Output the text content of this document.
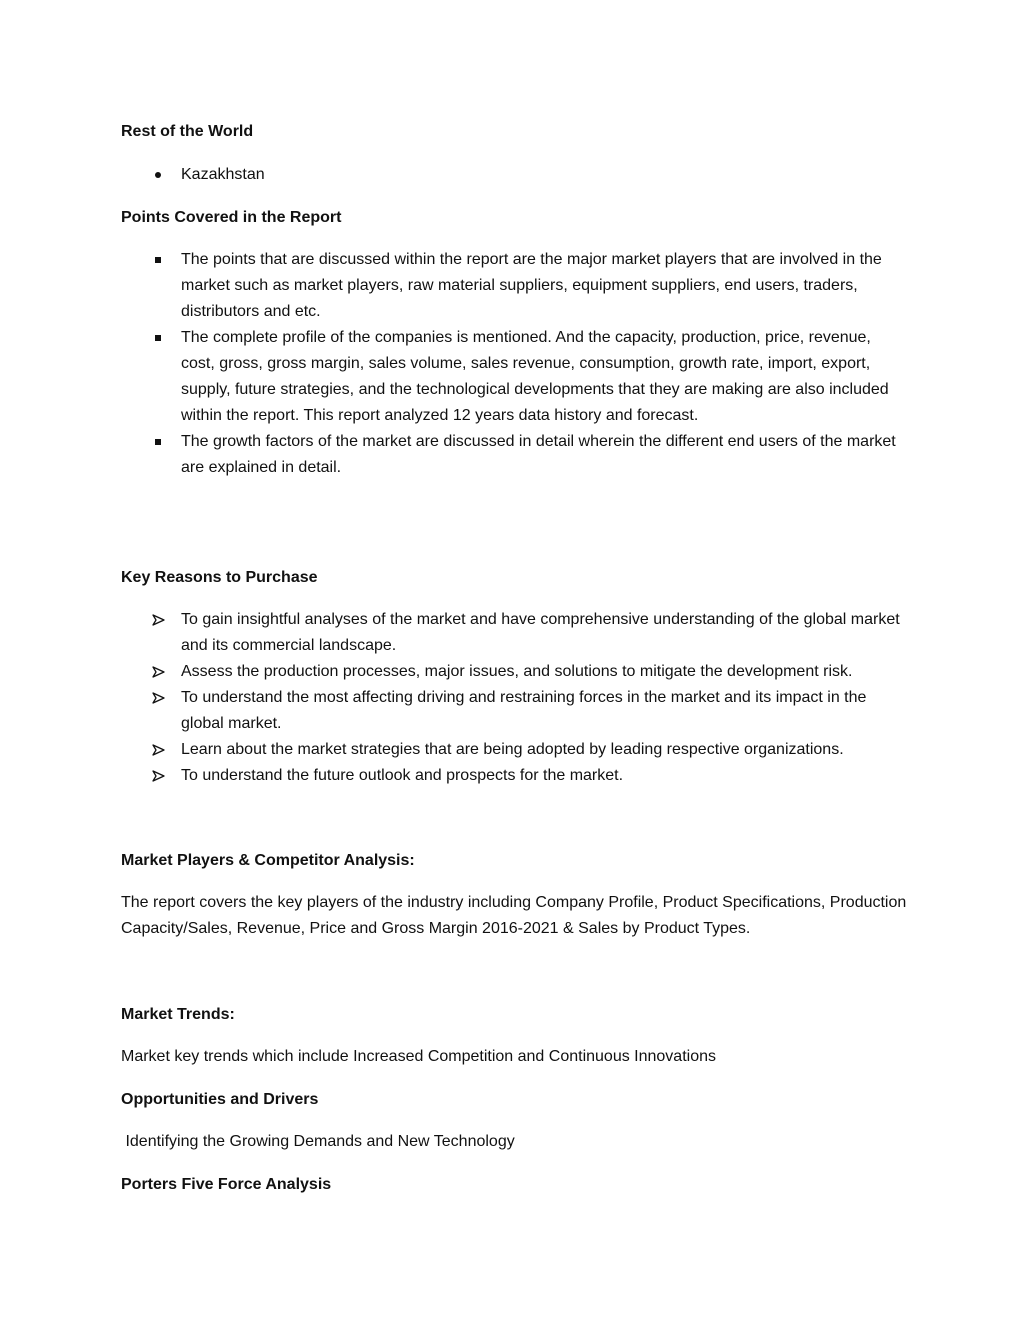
Rest of the World
Kazakhstan
Points Covered in the Report
The points that are discussed within the report are the major market players that are involved in the market such as market players, raw material suppliers, equipment suppliers, end users, traders, distributors and etc.
The complete profile of the companies is mentioned. And the capacity, production, price, revenue, cost, gross, gross margin, sales volume, sales revenue, consumption, growth rate, import, export, supply, future strategies, and the technological developments that they are making are also included within the report. This report analyzed 12 years data history and forecast.
The growth factors of the market are discussed in detail wherein the different end users of the market are explained in detail.
Key Reasons to Purchase
To gain insightful analyses of the market and have comprehensive understanding of the global market and its commercial landscape.
Assess the production processes, major issues, and solutions to mitigate the development risk.
To understand the most affecting driving and restraining forces in the market and its impact in the global market.
Learn about the market strategies that are being adopted by leading respective organizations.
To understand the future outlook and prospects for the market.
Market Players & Competitor Analysis:

The report covers the key players of the industry including Company Profile, Product Specifications, Production Capacity/Sales, Revenue, Price and Gross Margin 2016-2021 & Sales by Product Types.

Market Trends:

Market key trends which include Increased Competition and Continuous Innovations

Opportunities and Drivers

Identifying the Growing Demands and New Technology

Porters Five Force Analysis
